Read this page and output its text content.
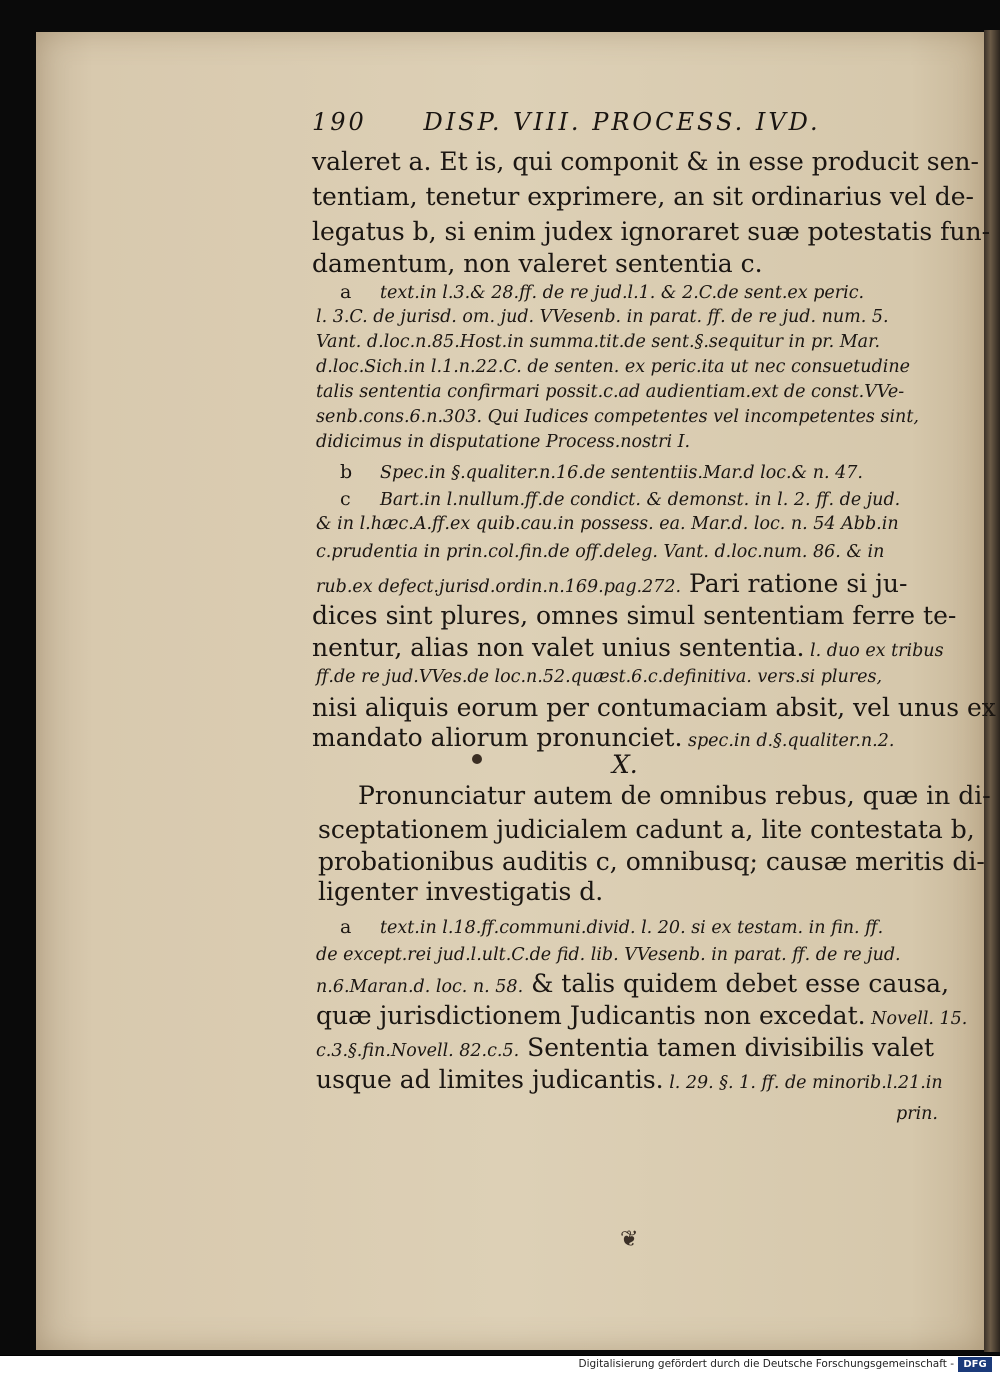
190 DISP. VIII. PROCESS. IVD.
valeret a. Et is, qui componit & in esse producit sen-
tentiam, tenetur exprimere, an sit ordinarius vel de-
legatus b, si enim judex ignoraret suæ potestatis fun-
damentum, non valeret sententia c.
a text.in l.3.& 28.ff. de re jud.l.1. & 2.C.de sent.ex peric.
l. 3.C. de jurisd. om. jud. VVesenb. in parat. ff. de re jud. num. 5.
Vant. d.loc.n.85.Host.in summa.tit.de sent.§.sequitur in pr. Mar.
d.loc.Sich.in l.1.n.22.C. de senten. ex peric.ita ut nec consuetudine
talis sententia confirmari possit.c.ad audientiam.ext de const.VVe-
senb.cons.6.n.303. Qui Iudices competentes vel incompetentes sint,
didicimus in disputatione Process.nostri I.
b Spec.in §.qualiter.n.16.de sententiis.Mar.d loc.& n. 47.
c Bart.in l.nullum.ff.de condict. & demonst. in l. 2. ff. de jud.
& in l.hæc.A.ff.ex quib.cau.in possess. ea. Mar.d. loc. n. 54 Abb.in
c.prudentia in prin.col.fin.de off.deleg. Vant. d.loc.num. 86. & in
rub.ex defect.jurisd.ordin.n.169.pag.272. Pari ratione si ju-
dices sint plures, omnes simul sententiam ferre te-
nentur, alias non valet unius sententia. l. duo ex tribus
ff.de re jud.VVes.de loc.n.52.quæst.6.c.definitiva. vers.si plures,
nisi aliquis eorum per contumaciam absit, vel unus ex
mandato aliorum pronunciet. spec.in d.§.qualiter.n.2.
X.
Pronunciatur autem de omnibus rebus, quæ in di-
sceptationem judicialem cadunt a, lite contestata b,
probationibus auditis c, omnibusq; causæ meritis di-
ligenter investigatis d.
a text.in l.18.ff.communi.divid. l. 20. si ex testam. in fin. ff.
de except.rei jud.l.ult.C.de fid. lib. VVesenb. in parat. ff. de re jud.
n.6.Maran.d. loc. n. 58. & talis quidem debet esse causa,
quæ jurisdictionem Judicantis non excedat. Novell. 15.
c.3.§.fin.Novell. 82.c.5. Sententia tamen divisibilis valet
usque ad limites judicantis. l. 29. §. 1. ff. de minorib.l.21.in
prin.
❦
Digitalisierung gefördert durch die Deutsche Forschungsgemeinschaft - DFG
